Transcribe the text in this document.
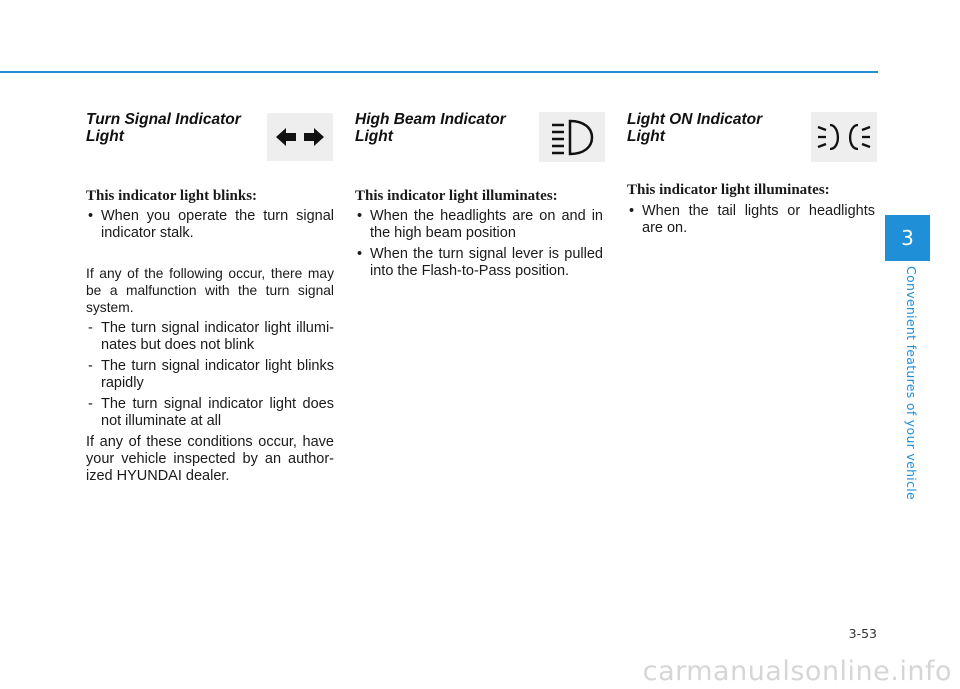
Turn Signal Indicator Light
This indicator light blinks:
• When you operate the turn signal indicator stalk.

If any of the following occur, there may be a malfunction with the turn signal system.

- The turn signal indicator light illumi- nates but does not blink
- The turn signal indicator light blinks rapidly
- The turn signal indicator light does not illuminate at all

If any of these conditions occur, have your vehicle inspected by an author- ized HYUNDAI dealer.

High Beam Indicator Light
This indicator light illuminates:
• When the headlights are on and in the high beam position
• When the turn signal lever is pulled into the Flash-to-Pass position.
Light ON Indicator Light
This indicator light illuminates:
• When the tail lights or headlights are on.	3
Convenient features of your vehicle
3-53
carmanualsonline.info
